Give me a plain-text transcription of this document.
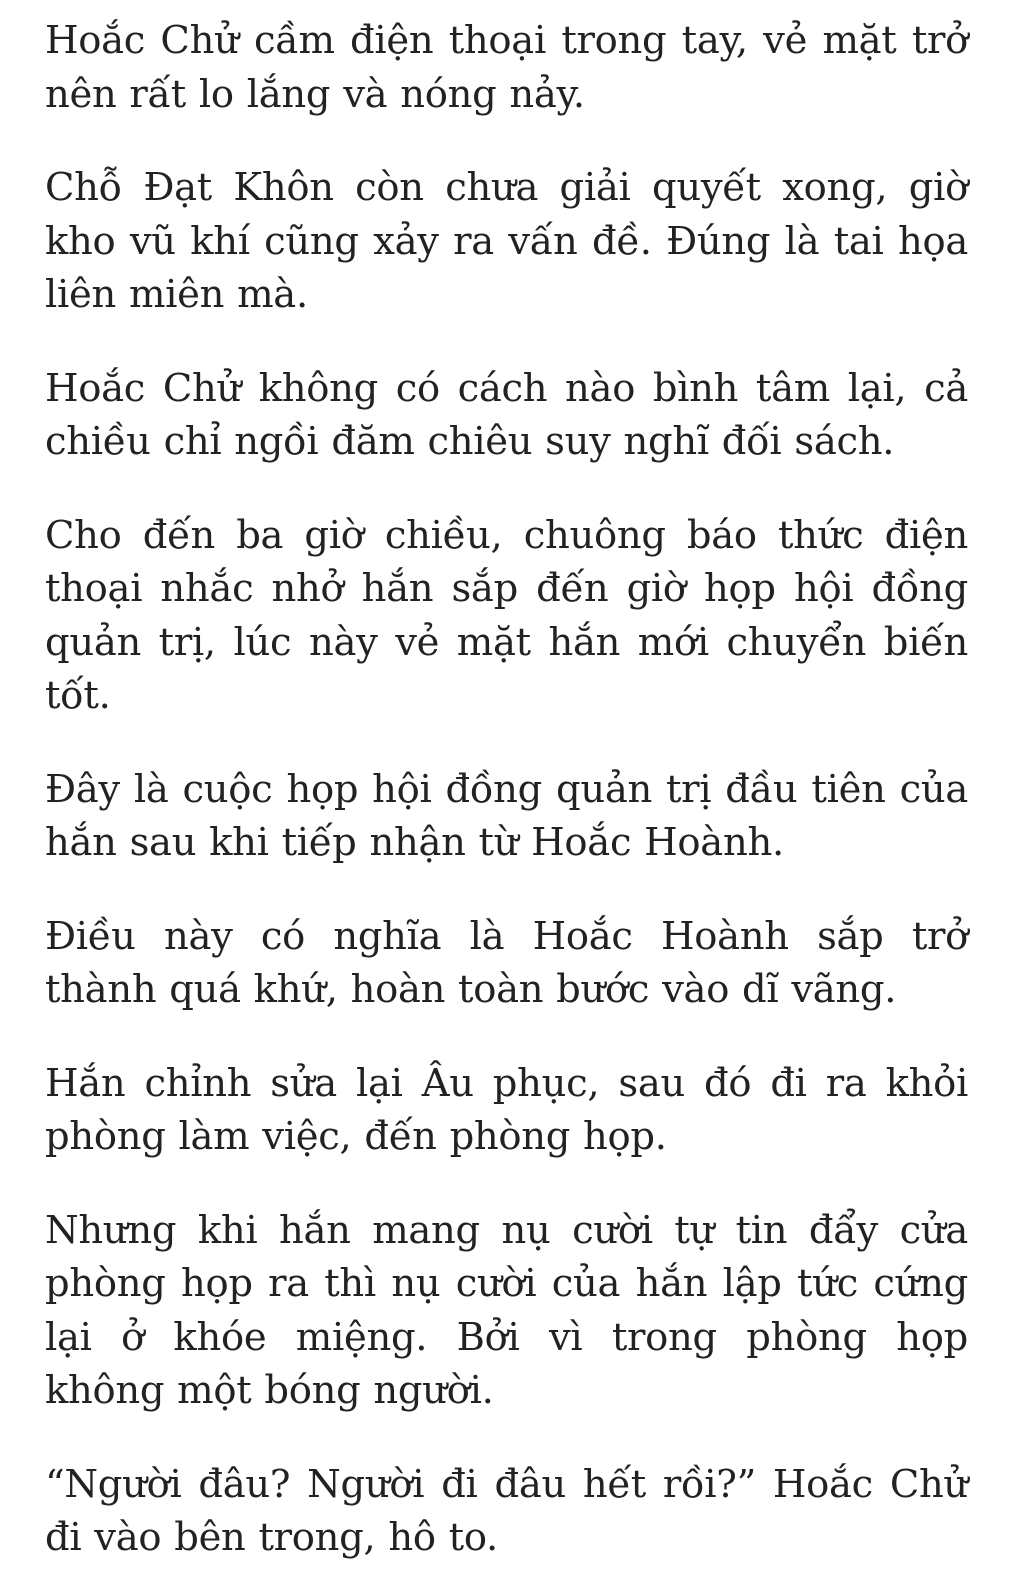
Hoắc Chử cầm điện thoại trong tay, vẻ mặt trở nên rất lo lắng và nóng nảy.

Chỗ Đạt Khôn còn chưa giải quyết xong, giờ kho vũ khí cũng xảy ra vấn đề. Đúng là tai họa liên miên mà.

Hoắc Chử không có cách nào bình tâm lại, cả chiều chỉ ngồi đăm chiêu suy nghĩ đối sách.

Cho đến ba giờ chiều, chuông báo thức điện thoại nhắc nhở hắn sắp đến giờ họp hội đồng quản trị, lúc này vẻ mặt hắn mới chuyển biến tốt.

Đây là cuộc họp hội đồng quản trị đầu tiên của hắn sau khi tiếp nhận từ Hoắc Hoành.

Điều này có nghĩa là Hoắc Hoành sắp trở thành quá khứ, hoàn toàn bước vào dĩ vãng.

Hắn chỉnh sửa lại Âu phục, sau đó đi ra khỏi phòng làm việc, đến phòng họp.

Nhưng khi hắn mang nụ cười tự tin đẩy cửa phòng họp ra thì nụ cười của hắn lập tức cứng lại ở khóe miệng. Bởi vì trong phòng họp không một bóng người.

“Người đâu? Người đi đâu hết rồi?” Hoắc Chử đi vào bên trong, hô to.
